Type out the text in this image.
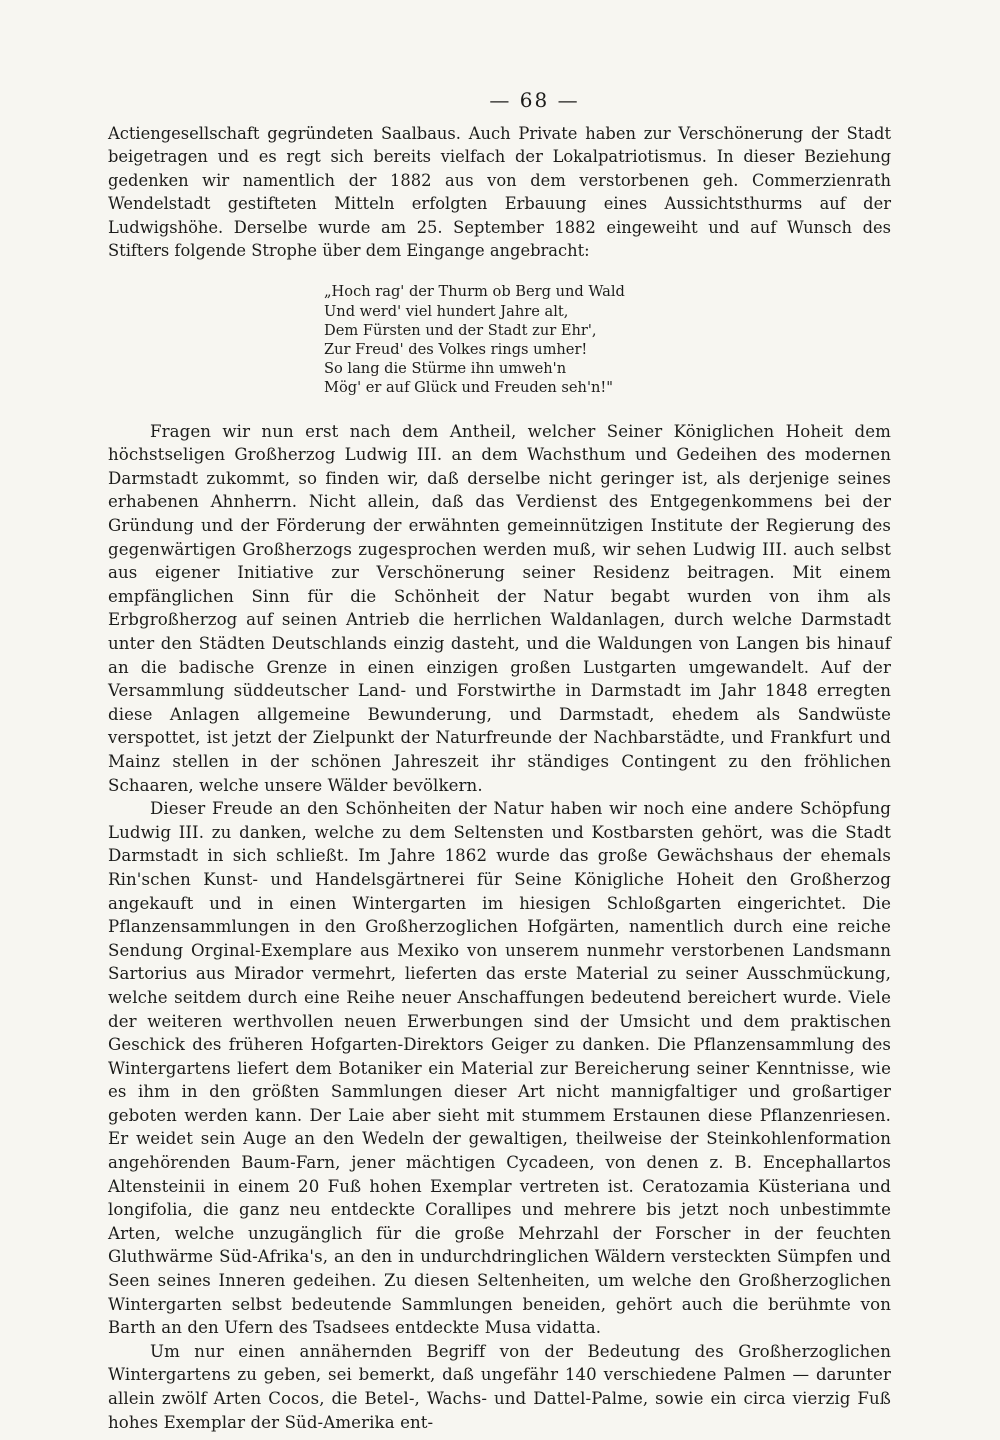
— 68 —

Actiengesellschaft gegründeten Saalbaus. Auch Private haben zur Verschönerung der Stadt beigetragen und es regt sich bereits vielfach der Lokalpatriotismus. In dieser Beziehung gedenken wir namentlich der 1882 aus von dem verstorbenen geh. Commerzienrath Wendelstadt gestifteten Mitteln erfolgten Erbauung eines Aussichtsthurms auf der Ludwigshöhe. Derselbe wurde am 25. September 1882 eingeweiht und auf Wunsch des Stifters folgende Strophe über dem Eingange angebracht:

„Hoch rag' der Thurm ob Berg und Wald
Und werd' viel hundert Jahre alt,
Dem Fürsten und der Stadt zur Ehr',
Zur Freud' des Volkes rings umher!
So lang die Stürme ihn umweh'n
Mög' er auf Glück und Freuden seh'n!"

Fragen wir nun erst nach dem Antheil, welcher Seiner Königlichen Hoheit dem höchstseligen Großherzog Ludwig III. an dem Wachsthum und Gedeihen des modernen Darmstadt zukommt, so finden wir, daß derselbe nicht geringer ist, als derjenige seines erhabenen Ahnherrn. Nicht allein, daß das Verdienst des Entgegenkommens bei der Gründung und der Förderung der erwähnten gemeinnützigen Institute der Regierung des gegenwärtigen Großherzogs zugesprochen werden muß, wir sehen Ludwig III. auch selbst aus eigener Initiative zur Verschönerung seiner Residenz beitragen. Mit einem empfänglichen Sinn für die Schönheit der Natur begabt wurden von ihm als Erbgroßherzog auf seinen Antrieb die herrlichen Waldanlagen, durch welche Darmstadt unter den Städten Deutschlands einzig dasteht, und die Waldungen von Langen bis hinauf an die badische Grenze in einen einzigen großen Lustgarten umgewandelt. Auf der Versammlung süddeutscher Land- und Forstwirthe in Darmstadt im Jahr 1848 erregten diese Anlagen allgemeine Bewunderung, und Darmstadt, ehedem als Sandwüste verspottet, ist jetzt der Zielpunkt der Naturfreunde der Nachbarstädte, und Frankfurt und Mainz stellen in der schönen Jahreszeit ihr ständiges Contingent zu den fröhlichen Schaaren, welche unsere Wälder bevölkern.

Dieser Freude an den Schönheiten der Natur haben wir noch eine andere Schöpfung Ludwig III. zu danken, welche zu dem Seltensten und Kostbarsten gehört, was die Stadt Darmstadt in sich schließt. Im Jahre 1862 wurde das große Gewächshaus der ehemals Rin'schen Kunst- und Handelsgärtnerei für Seine Königliche Hoheit den Großherzog angekauft und in einen Wintergarten im hiesigen Schloßgarten eingerichtet. Die Pflanzensammlungen in den Großherzoglichen Hofgärten, namentlich durch eine reiche Sendung Orginal-Exemplare aus Mexiko von unserem nunmehr verstorbenen Landsmann Sartorius aus Mirador vermehrt, lieferten das erste Material zu seiner Ausschmückung, welche seitdem durch eine Reihe neuer Anschaffungen bedeutend bereichert wurde. Viele der weiteren werthvollen neuen Erwerbungen sind der Umsicht und dem praktischen Geschick des früheren Hofgarten-Direktors Geiger zu danken. Die Pflanzensammlung des Wintergartens liefert dem Botaniker ein Material zur Bereicherung seiner Kenntnisse, wie es ihm in den größten Sammlungen dieser Art nicht mannigfaltiger und großartiger geboten werden kann. Der Laie aber sieht mit stummem Erstaunen diese Pflanzenriesen. Er weidet sein Auge an den Wedeln der gewaltigen, theilweise der Steinkohlenformation angehörenden Baum-Farn, jener mächtigen Cycadeen, von denen z. B. Encephallartos Altensteinii in einem 20 Fuß hohen Exemplar vertreten ist. Ceratozamia Küsteriana und longifolia, die ganz neu entdeckte Corallipes und mehrere bis jetzt noch unbestimmte Arten, welche unzugänglich für die große Mehrzahl der Forscher in der feuchten Gluthwärme Süd-Afrika's, an den in undurchdringlichen Wäldern versteckten Sümpfen und Seen seines Inneren gedeihen. Zu diesen Seltenheiten, um welche den Großherzoglichen Wintergarten selbst bedeutende Sammlungen beneiden, gehört auch die berühmte von Barth an den Ufern des Tsadsees entdeckte Musa vidatta.

Um nur einen annähernden Begriff von der Bedeutung des Großherzoglichen Wintergartens zu geben, sei bemerkt, daß ungefähr 140 verschiedene Palmen — darunter allein zwölf Arten Cocos, die Betel-, Wachs- und Dattel-Palme, sowie ein circa vierzig Fuß hohes Exemplar der Süd-Amerika ent-
